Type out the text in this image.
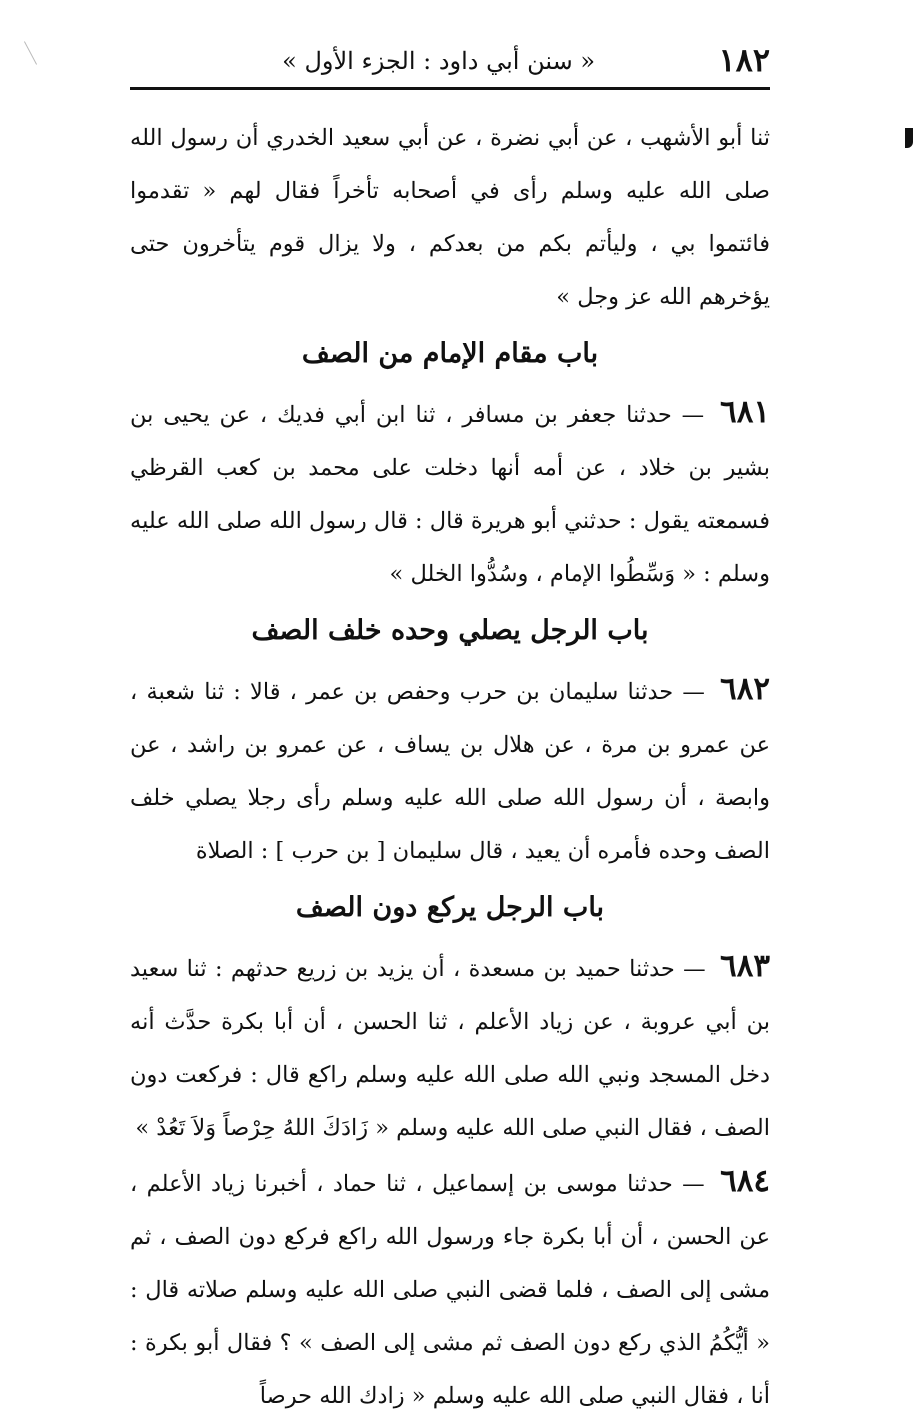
١٨٢
« سنن أبي داود : الجزء الأول »

ثنا أبو الأشهب ، عن أبي نضرة ، عن أبي سعيد الخدري أن رسول الله صلى الله عليه وسلم رأى في أصحابه تأخراً فقال لهم « تقدموا فائتموا بي ، وليأتم بكم من بعدكم ، ولا يزال قوم يتأخرون حتى يؤخرهم الله عز وجل »

باب مقام الإمام من الصف

٦٨١ — حدثنا جعفر بن مسافر ، ثنا ابن أبي فديك ، عن يحيى بن بشير بن خلاد ، عن أمه أنها دخلت على محمد بن كعب القرظي فسمعته يقول : حدثني أبو هريرة قال : قال رسول الله صلى الله عليه وسلم : « وَسِّطُوا الإمام ، وسُدُّوا الخلل »

باب الرجل يصلي وحده خلف الصف

٦٨٢ — حدثنا سليمان بن حرب وحفص بن عمر ، قالا : ثنا شعبة ، عن عمرو بن مرة ، عن هلال بن يساف ، عن عمرو بن راشد ، عن وابصة ، أن رسول الله صلى الله عليه وسلم رأى رجلا يصلي خلف الصف وحده فأمره أن يعيد ، قال سليمان [ بن حرب ] : الصلاة

باب الرجل يركع دون الصف

٦٨٣ — حدثنا حميد بن مسعدة ، أن يزيد بن زريع حدثهم : ثنا سعيد بن أبي عروبة ، عن زياد الأعلم ، ثنا الحسن ، أن أبا بكرة حدَّث أنه دخل المسجد ونبي الله صلى الله عليه وسلم راكع قال : فركعت دون الصف ، فقال النبي صلى الله عليه وسلم « زَادَكَ اللهُ حِرْصاً وَلاَ تَعُدْ »

٦٨٤ — حدثنا موسى بن إسماعيل ، ثنا حماد ، أخبرنا زياد الأعلم ، عن الحسن ، أن أبا بكرة جاء ورسول الله راكع فركع دون الصف ، ثم مشى إلى الصف ، فلما قضى النبي صلى الله عليه وسلم صلاته قال : « أيُّكُمُ الذي ركع دون الصف ثم مشى إلى الصف » ؟ فقال أبو بكرة : أنا ، فقال النبي صلى الله عليه وسلم « زادك الله حرصاً
